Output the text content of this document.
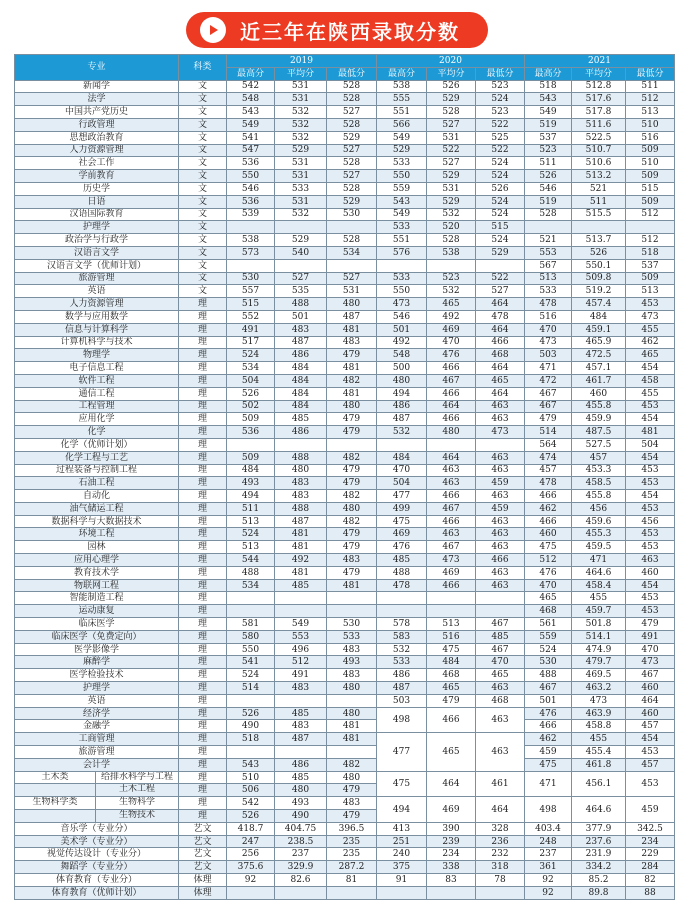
近三年在陕西录取分数
专业	科类	2019			2020			2021		
		最高分	平均分	最低分	最高分	平均分	最低分	最高分	平均分	最低分
新闻学	文	542	531	528	538	526	523	518	512.8	511
法学	文	548	531	528	555	529	524	543	517.6	512
中国共产党历史	文	543	532	527	551	528	523	549	517.8	513
行政管理	文	549	532	528	566	527	522	519	511.6	510
思想政治教育	文	541	532	529	549	531	525	537	522.5	516
人力资源管理	文	547	529	527	529	522	522	523	510.7	509
社会工作	文	536	531	528	533	527	524	511	510.6	510
学前教育	文	550	531	527	550	529	524	526	513.2	509
历史学	文	546	533	528	559	531	526	546	521	515
日语	文	536	531	529	543	529	524	519	511	509
汉语国际教育	文	539	532	530	549	532	524	528	515.5	512
护理学	文				533	520	515			
政治学与行政学	文	538	529	528	551	528	524	521	513.7	512
汉语言文学	文	573	540	534	576	538	529	553	526	518
汉语言文学（优师计划）	文							567	550.1	537
旅游管理	文	530	527	527	533	523	522	513	509.8	509
英语	文	557	535	531	550	532	527	533	519.2	513
人力资源管理	理	515	488	480	473	465	464	478	457.4	453
数学与应用数学	理	552	501	487	546	492	478	516	484	473
信息与计算科学	理	491	483	481	501	469	464	470	459.1	455
计算机科学与技术	理	517	487	483	492	470	466	473	465.9	462
物理学	理	524	486	479	548	476	468	503	472.5	465
电子信息工程	理	534	484	481	500	466	464	471	457.1	454
软件工程	理	504	484	482	480	467	465	472	461.7	458
通信工程	理	526	484	481	494	466	464	467	460	455
工程管理	理	502	484	480	486	464	463	467	455.8	453
应用化学	理	509	485	479	487	466	463	479	459.9	454
化学	理	536	486	479	532	480	473	514	487.5	481
化学（优师计划）	理							564	527.5	504
化学工程与工艺	理	509	488	482	484	464	463	474	457	454
过程装备与控制工程	理	484	480	479	470	463	463	457	453.3	453
石油工程	理	493	483	479	504	463	459	478	458.5	453
自动化	理	494	483	482	477	466	463	466	455.8	454
油气储运工程	理	511	488	480	499	467	459	462	456	453
数据科学与大数据技术	理	513	487	482	475	466	463	466	459.6	456
环境工程	理	524	481	479	469	463	463	460	455.3	453
园林	理	513	481	479	476	467	463	475	459.5	453
应用心理学	理	544	492	483	485	473	466	512	471	463
教育技术学	理	488	481	479	488	469	463	476	464.6	460
物联网工程	理	534	485	481	478	466	463	470	458.4	454
智能制造工程	理							465	455	453
运动康复	理							468	459.7	453
临床医学	理	581	549	530	578	513	467	561	501.8	479
临床医学（免费定向）	理	580	553	533	583	516	485	559	514.1	491
医学影像学	理	550	496	483	532	475	467	524	474.9	470
麻醉学	理	541	512	493	533	484	470	530	479.7	473
医学检验技术	理	524	491	483	486	468	465	488	469.5	467
护理学	理	514	483	480	487	465	463	467	463.2	460
英语	理				503	479	468	501	473	464
经济学	理	526	485	480	498	466	463	476	463.9	460
金融学	理	490	483	481				466	458.8	457
工商管理	理	518	487	481	477	465	463	462	455	454
旅游管理	理							459	455.4	453
会计学	理	543	486	482				475	461.8	457

土木类 给排水科学与工程	理	510	485	480	475	464	461	471	456.1	453

土木工程	理	506	480	479						

生物科学类 生物科学	理	542	493	483	494	469	464	498	464.6	459

生物技术	理	526	490	479						
音乐学（专业分）	艺文	418.7	404.75	396.5	413	390	328	403.4	377.9	342.5
美术学（专业分）	艺文	247	238.5	235	251	239	236	248	237.6	234
视觉传达设计（专业分）	艺文	256	237	235	240	234	232	237	231.9	229
舞蹈学（专业分）	艺文	375.6	329.9	287.2	375	338	318	361	334.2	284
体育教育（专业分）	体理	92	82.6	81	91	83	78	92	85.2	82
体育教育（优师计划）	体理							92	89.8	88
